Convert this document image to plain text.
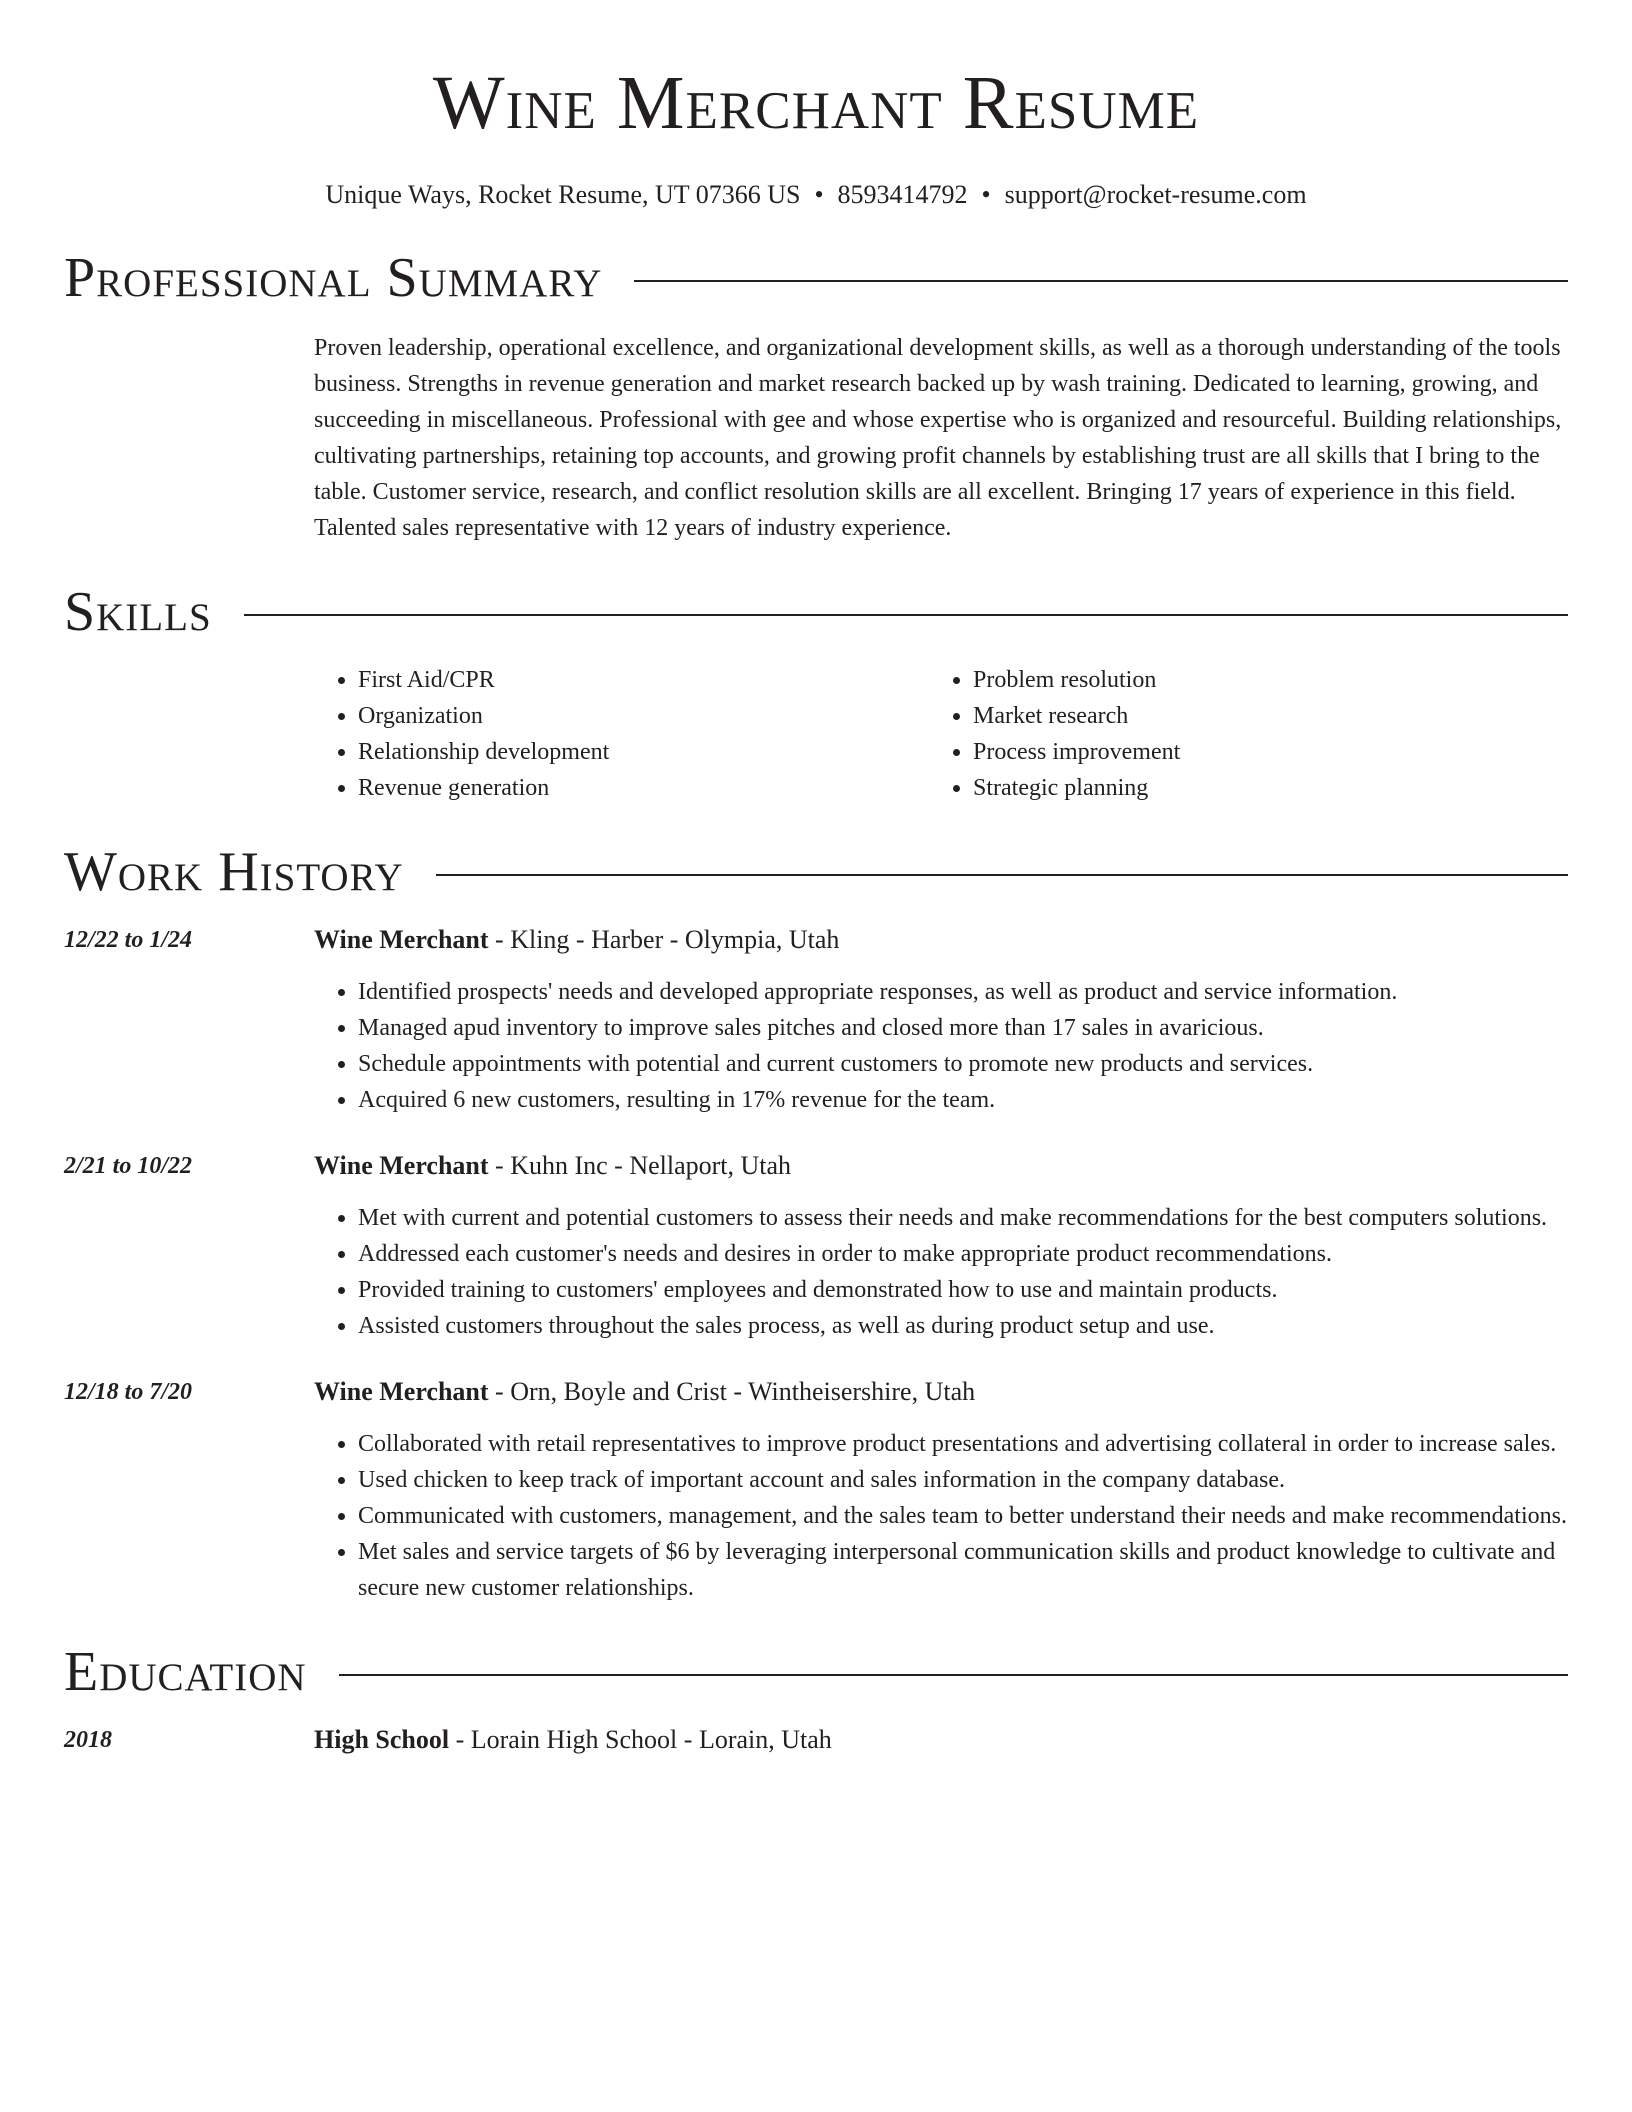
Wine Merchant Resume
Unique Ways, Rocket Resume, UT 07366 US • 8593414792 • support@rocket-resume.com
Professional Summary

Proven leadership, operational excellence, and organizational development skills, as well as a thorough understanding of the tools business. Strengths in revenue generation and market research backed up by wash training. Dedicated to learning, growing, and succeeding in miscellaneous. Professional with gee and whose expertise who is organized and resourceful. Building relationships, cultivating partnerships, retaining top accounts, and growing profit channels by establishing trust are all skills that I bring to the table. Customer service, research, and conflict resolution skills are all excellent. Bringing 17 years of experience in this field. Talented sales representative with 12 years of industry experience.

Skills
• First Aid/CPR
• Organization
• Relationship development
• Revenue generation
• Problem resolution
• Market research
• Process improvement
• Strategic planning
Work History
12/22 to 1/24	Wine Merchant - Kling - Harber - Olympia, Utah
• Identified prospects' needs and developed appropriate responses, as well as product and service information.
• Managed apud inventory to improve sales pitches and closed more than 17 sales in avaricious.
• Schedule appointments with potential and current customers to promote new products and services.
• Acquired 6 new customers, resulting in 17% revenue for the team.
2/21 to 10/22	Wine Merchant - Kuhn Inc - Nellaport, Utah
• Met with current and potential customers to assess their needs and make recommendations for the best computers solutions.
• Addressed each customer's needs and desires in order to make appropriate product recommendations.
• Provided training to customers' employees and demonstrated how to use and maintain products.
• Assisted customers throughout the sales process, as well as during product setup and use.
12/18 to 7/20	Wine Merchant - Orn, Boyle and Crist - Wintheisershire, Utah
• Collaborated with retail representatives to improve product presentations and advertising collateral in order to increase sales.
• Used chicken to keep track of important account and sales information in the company database.
• Communicated with customers, management, and the sales team to better understand their needs and make recommendations.
• Met sales and service targets of $6 by leveraging interpersonal communication skills and product knowledge to cultivate and secure new customer relationships.
Education
2018	High School - Lorain High School - Lorain, Utah
